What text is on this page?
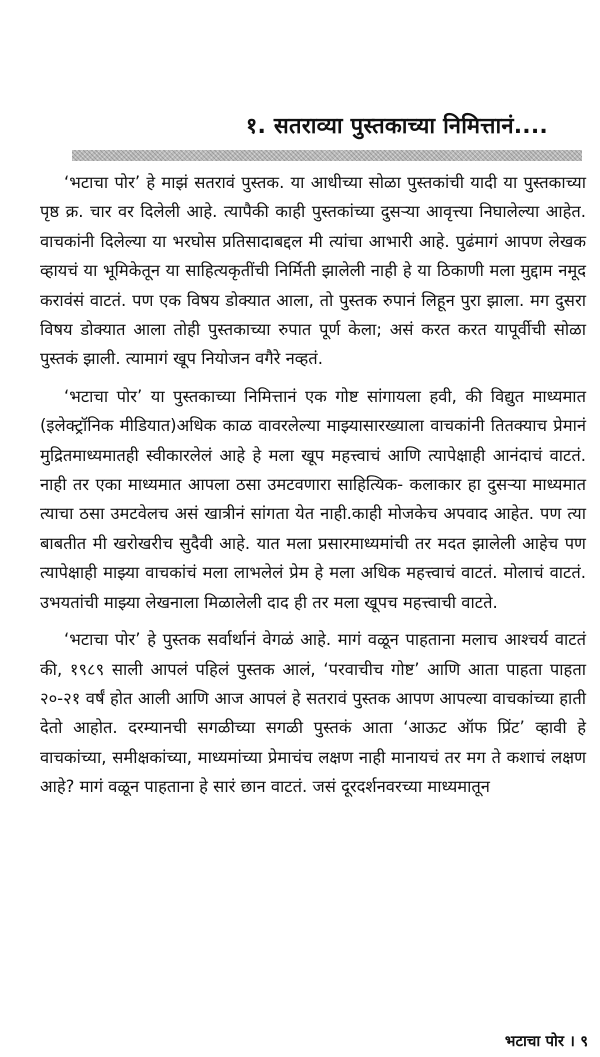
१. सतराव्या पुस्तकाच्या निमित्तानं....

‘भटाचा पोर’ हे माझं सतरावं पुस्तक. या आधीच्या सोळा पुस्तकांची यादी या पुस्तकाच्या पृष्ठ क्र. चार वर दिलेली आहे. त्यापैकी काही पुस्तकांच्या दुसऱ्या आवृत्त्या निघालेल्या आहेत. वाचकांनी दिलेल्या या भरघोस प्रतिसादाबद्दल मी त्यांचा आभारी आहे. पुढंमागं आपण लेखक व्हायचं या भूमिकेतून या साहित्यकृतींची निर्मिती झालेली नाही हे या ठिकाणी मला मुद्दाम नमूद करावंसं वाटतं. पण एक विषय डोक्यात आला, तो पुस्तक रुपानं लिहून पुरा झाला. मग दुसरा विषय डोक्यात आला तोही पुस्तकाच्या रुपात पूर्ण केला; असं करत करत यापूर्वीची सोळा पुस्तकं झाली. त्यामागं खूप नियोजन वगैरे नव्हतं.

‘भटाचा पोर’ या पुस्तकाच्या निमित्तानं एक गोष्ट सांगायला हवी, की विद्युत माध्यमात (इलेक्ट्रॉनिक मीडियात)अधिक काळ वावरलेल्या माझ्यासारख्याला वाचकांनी तितक्याच प्रेमानं मुद्रितमाध्यमातही स्वीकारलेलं आहे हे मला खूप महत्त्वाचं आणि त्यापेक्षाही आनंदाचं वाटतं. नाही तर एका माध्यमात आपला ठसा उमटवणारा साहित्यिक- कलाकार हा दुसऱ्या माध्यमात त्याचा ठसा उमटवेलच असं खात्रीनं सांगता येत नाही.काही मोजकेच अपवाद आहेत. पण त्या बाबतीत मी खरोखरीच सुदैवी आहे. यात मला प्रसारमाध्यमांची तर मदत झालेली आहेच पण त्यापेक्षाही माझ्या वाचकांचं मला लाभलेलं प्रेम हे मला अधिक महत्त्वाचं वाटतं. मोलाचं वाटतं. उभयतांची माझ्या लेखनाला मिळालेली दाद ही तर मला खूपच महत्त्वाची वाटते.

‘भटाचा पोर’ हे पुस्तक सर्वार्थानं वेगळं आहे. मागं वळून पाहताना मलाच आश्चर्य वाटतं की, १९८९ साली आपलं पहिलं पुस्तक आलं, ‘परवाचीच गोष्ट’ आणि आता पाहता पाहता २०-२१ वर्षं होत आली आणि आज आपलं हे सतरावं पुस्तक आपण आपल्या वाचकांच्या हाती देतो आहोत. दरम्यानची सगळीच्या सगळी पुस्तकं आता ‘आऊट ऑफ प्रिंट’ व्हावी हे वाचकांच्या, समीक्षकांच्या, माध्यमांच्या प्रेमाचंच लक्षण नाही मानायचं तर मग ते कशाचं लक्षण आहे? मागं वळून पाहताना हे सारं छान वाटतं. जसं दूरदर्शनवरच्या माध्यमातून

भटाचा पोर । ९
